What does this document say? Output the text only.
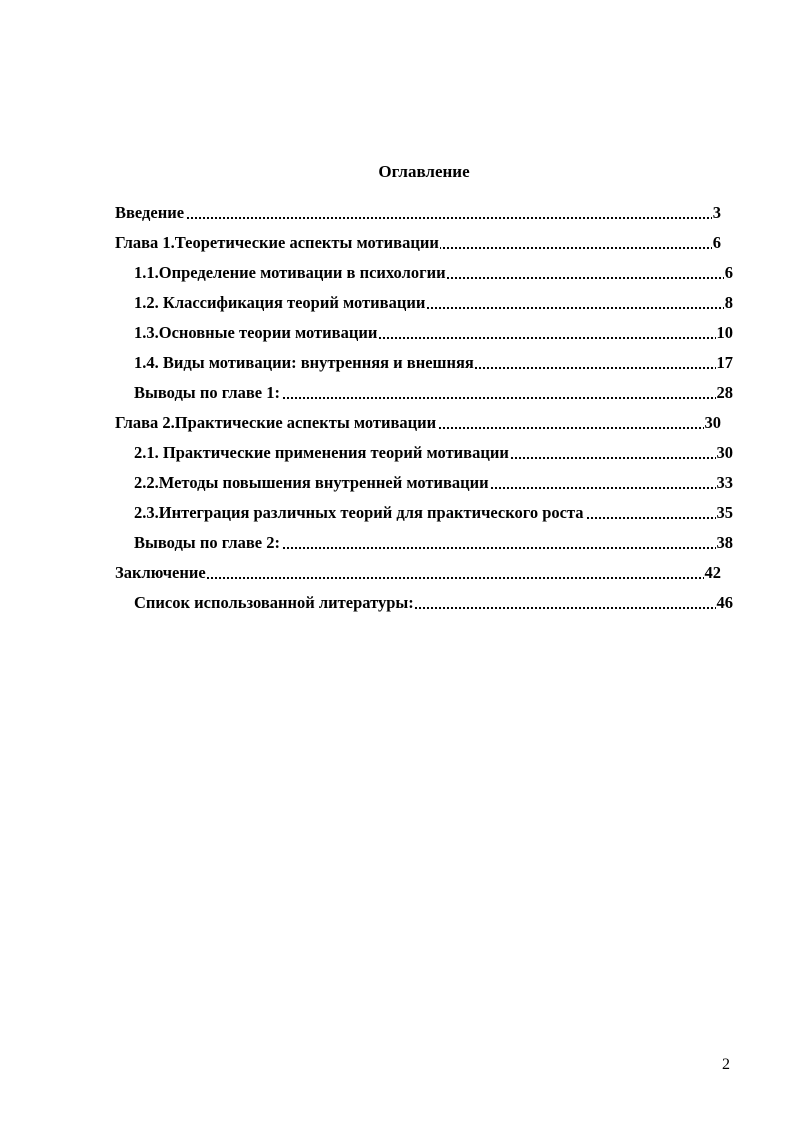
Оглавление
Введение	3
Глава 1.Теоретические аспекты мотивации	6
1.1.Определение мотивации в психологии	6
1.2. Классификация теорий мотивации	8
1.3.Основные теории мотивации	10
1.4. Виды мотивации: внутренняя и внешняя	17
Выводы по главе 1:	28
Глава 2.Практические аспекты мотивации	30
2.1. Практические применения теорий мотивации	30
2.2.Методы повышения внутренней мотивации	33
2.3.Интеграция различных теорий для практического роста	35
Выводы по главе 2:	38
Заключение	42
Список использованной литературы:	46
2
